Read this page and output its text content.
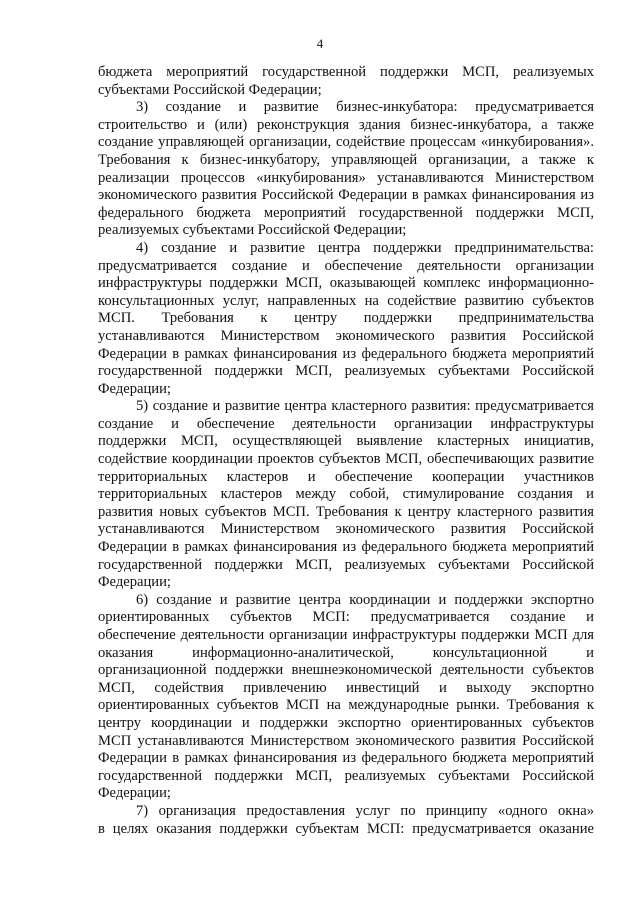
4
бюджета мероприятий государственной поддержки МСП, реализуемых
субъектами Российской Федерации;
3) создание и развитие бизнес-инкубатора: предусматривается
строительство и (или) реконструкция здания бизнес-инкубатора, а также
создание управляющей организации, содействие процессам «инкубирования».
Требования к бизнес-инкубатору, управляющей организации, а также к
реализации процессов «инкубирования» устанавливаются Министерством
экономического развития Российской Федерации в рамках финансирования из
федерального бюджета мероприятий государственной поддержки МСП,
реализуемых субъектами Российской Федерации;
4) создание и развитие центра поддержки предпринимательства:
предусматривается создание и обеспечение деятельности организации
инфраструктуры поддержки МСП, оказывающей комплекс информационно-
консультационных услуг, направленных на содействие развитию субъектов
МСП. Требования к центру поддержки предпринимательства
устанавливаются Министерством экономического развития Российской
Федерации в рамках финансирования из федерального бюджета мероприятий
государственной поддержки МСП, реализуемых субъектами Российской
Федерации;
5) создание и развитие центра кластерного развития: предусматривается
создание и обеспечение деятельности организации инфраструктуры
поддержки МСП, осуществляющей выявление кластерных инициатив,
содействие координации проектов субъектов МСП, обеспечивающих развитие
территориальных кластеров и обеспечение кооперации участников
территориальных кластеров между собой, стимулирование создания и
развития новых субъектов МСП. Требования к центру кластерного развития
устанавливаются Министерством экономического развития Российской
Федерации в рамках финансирования из федерального бюджета мероприятий
государственной поддержки МСП, реализуемых субъектами Российской
Федерации;
6) создание и развитие центра координации и поддержки экспортно
ориентированных субъектов МСП: предусматривается создание и
обеспечение деятельности организации инфраструктуры поддержки МСП для
оказания информационно-аналитической, консультационной и
организационной поддержки внешнеэкономической деятельности субъектов
МСП, содействия привлечению инвестиций и выходу экспортно
ориентированных субъектов МСП на международные рынки. Требования к
центру координации и поддержки экспортно ориентированных субъектов
МСП устанавливаются Министерством экономического развития Российской
Федерации в рамках финансирования из федерального бюджета мероприятий
государственной поддержки МСП, реализуемых субъектами Российской
Федерации;
7) организация предоставления услуг по принципу «одного окна»
в целях оказания поддержки субъектам МСП: предусматривается оказание
